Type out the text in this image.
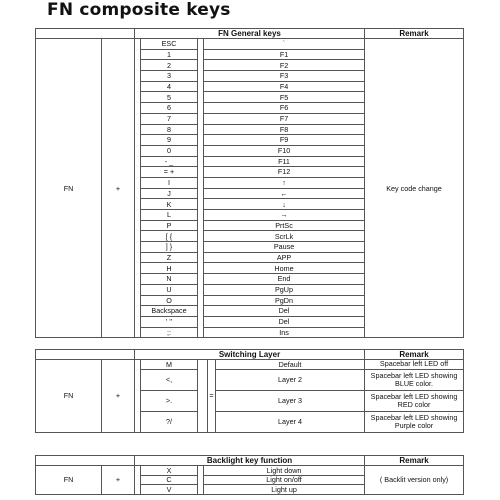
FN composite keys
		FN General keys				Remark
FN	+		ESC		`	Key code change
			1		F1	
			2		F2	
			3		F3	
			4		F4	
			5		F5	
			6		F6	
			7		F7	
			8		F8	
			9		F9	
			0		F10	
			- _		F11	
			= +		F12	
			I		↑	
			J		←	
			K		↓	
			L		→	
			P		PrtSc	
			[ {		ScrLk	
			] }		Pause	
			Z		APP	
			H		Home	
			N		End	
			U		PgUp	
			O		PgDn	
			Backspace		Del	
			' "		Del	
			;:		Ins	
		Switching Layer					Remark
FN	+		M		=	Default	Spacebar left LED off
			<,			Layer 2	Spacebar left LED showing BLUE color.
			>.			Layer 3	Spacebar left LED showing RED color
			?/			Layer 4	Spacebar left LED showing Purple color
		Backlight key function				Remark
FN	+		X		Light down	( Backlit version only)
			C		Light on/off	
			V		Light up	
